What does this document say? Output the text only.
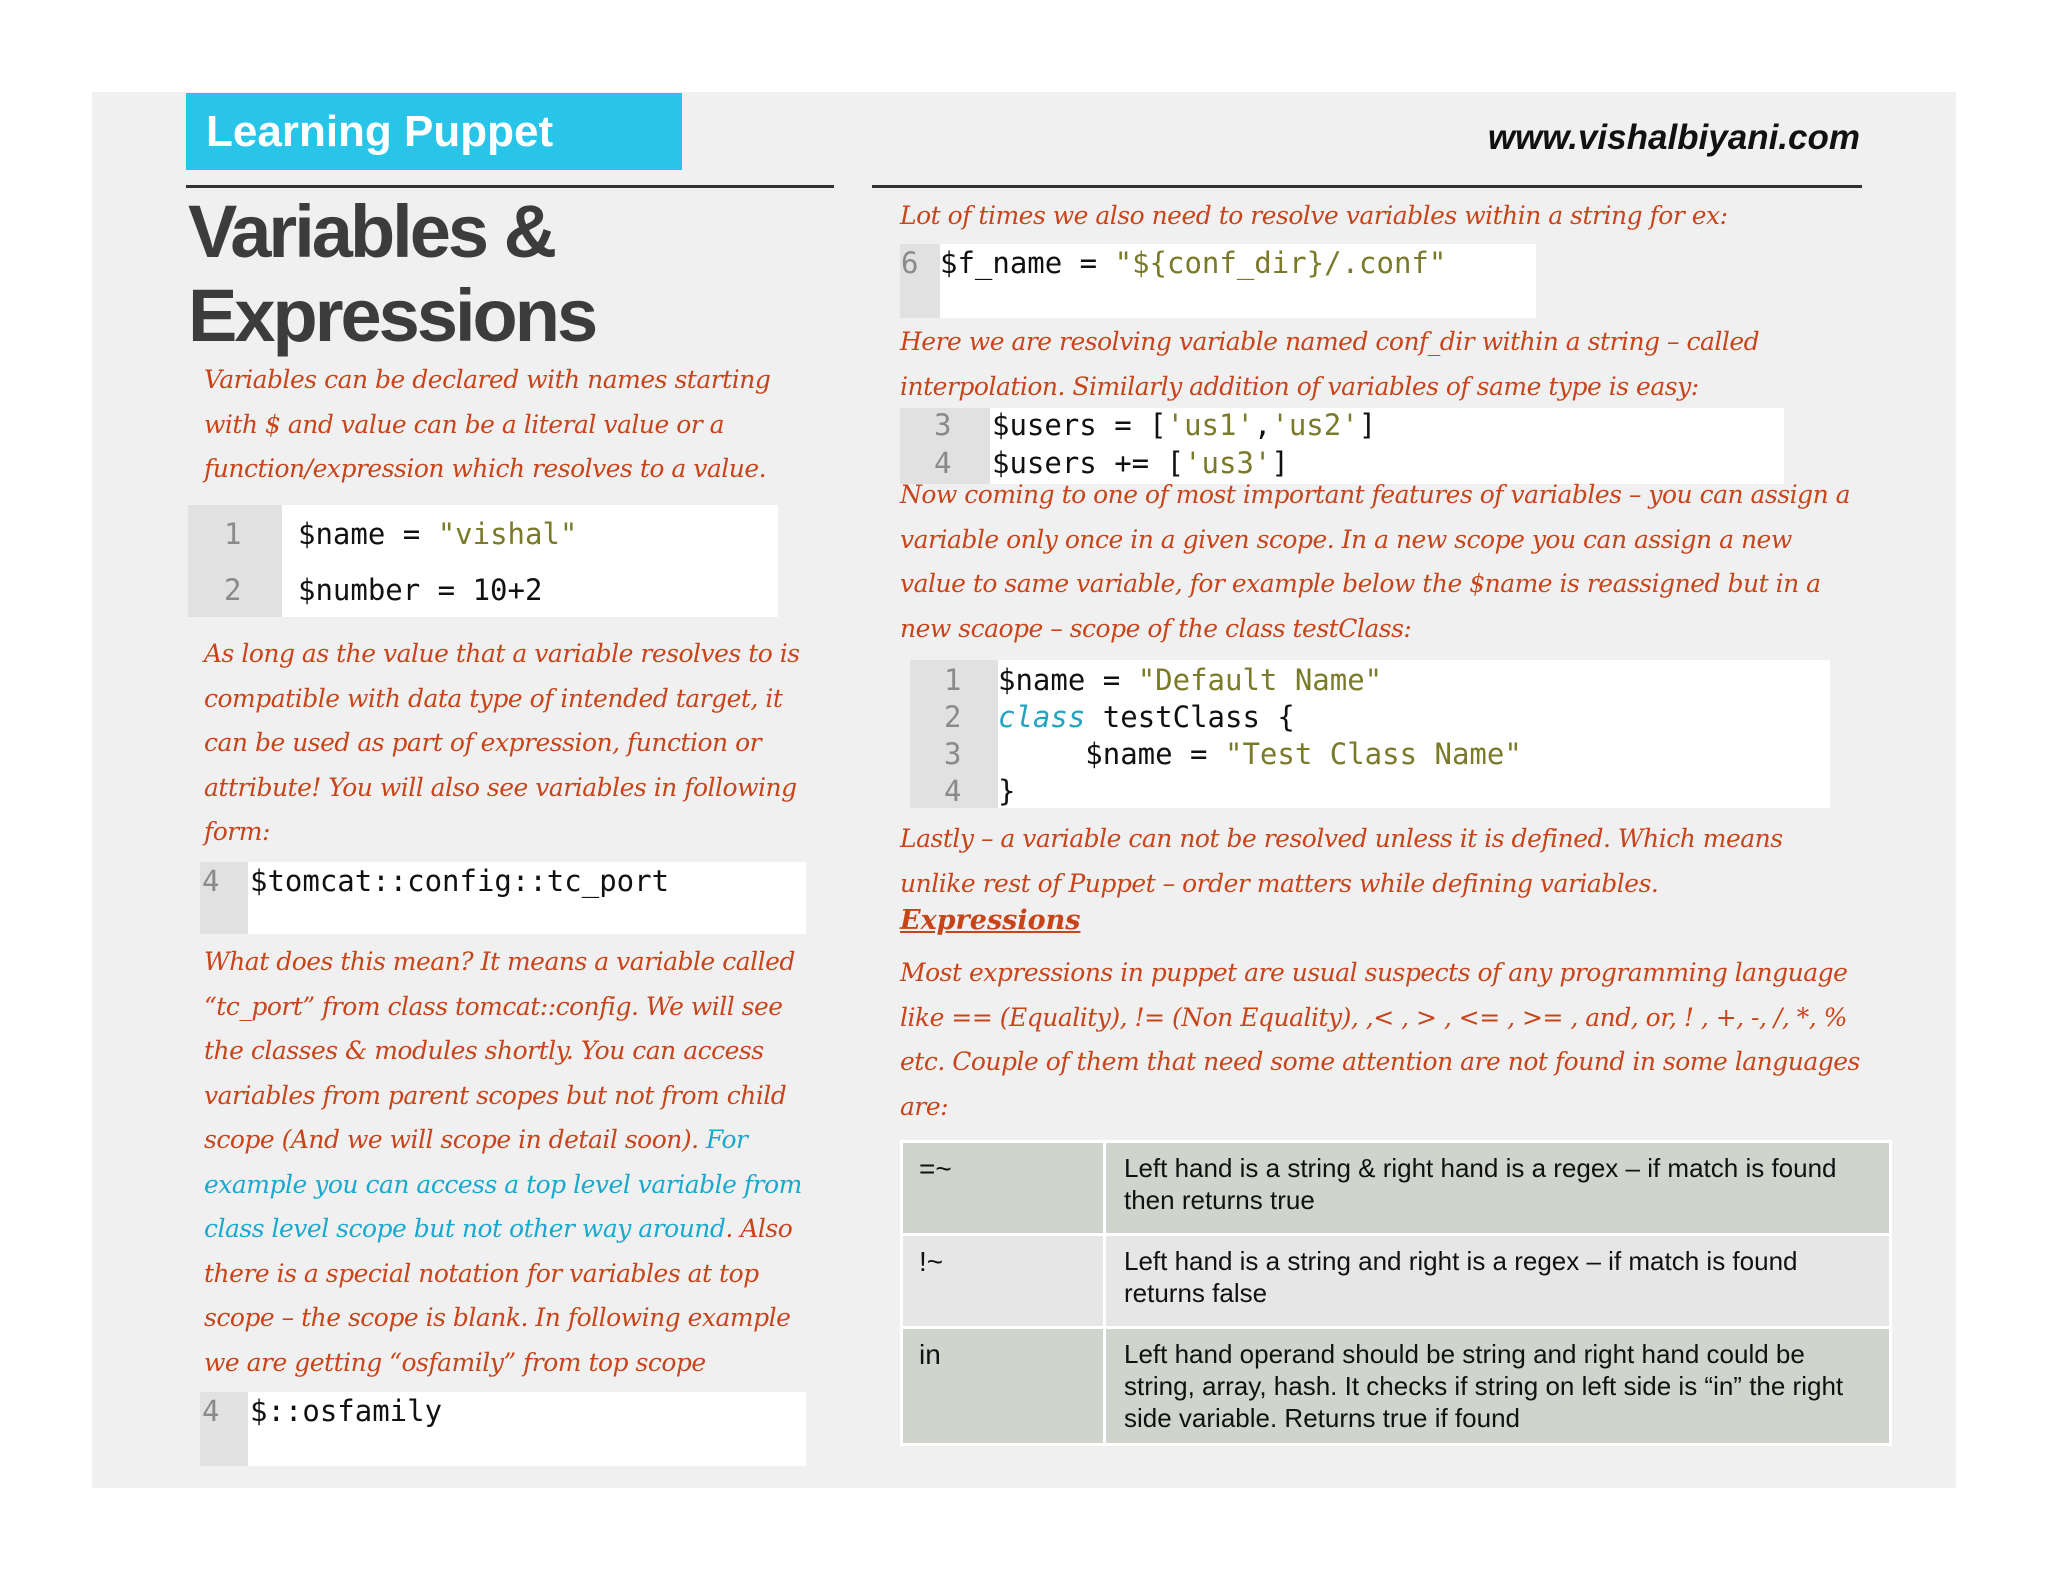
Learning Puppet	www.vishalbiyani.com
Variables &
Expressions

Variables can be declared with names starting with $ and value can be a literal value or a function/expression which resolves to a value.

1 $name = "vishal"
2 $number = 10+2

As long as the value that a variable resolves to is compatible with data type of intended target, it can be used as part of expression, function or attribute! You will also see variables in following form:

4 $tomcat::config::tc_port

What does this mean? It means a variable called “tc_port” from class tomcat::config. We will see the classes & modules shortly. You can access variables from parent scopes but not from child scope (And we will scope in detail soon). For example you can access a top level variable from class level scope but not other way around. Also there is a special notation for variables at top scope – the scope is blank. In following example we are getting “osfamily” from top scope

4 $::osfamily

Lot of times we also need to resolve variables within a string for ex:

6 $f_name = "${conf_dir}/.conf"

Here we are resolving variable named conf_dir within a string – called interpolation. Similarly addition of variables of same type is easy:

3 $users = ['us1','us2']
4 $users += ['us3']

Now coming to one of most important features of variables – you can assign a variable only once in a given scope. In a new scope you can assign a new value to same variable, for example below the $name is reassigned but in a new scaope – scope of the class testClass:

1 $name = "Default Name"
2 class testClass {
3 $name = "Test Class Name"
4 }

Lastly – a variable can not be resolved unless it is defined. Which means unlike rest of Puppet – order matters while defining variables.

Expressions

Most expressions in puppet are usual suspects of any programming language like == (Equality), != (Non Equality), ,< , > , <= , >= , and, or, ! , +, -, /, *, % etc. Couple of them that need some attention are not found in some languages are:

=~	Left hand is a string & right hand is a regex – if match is found then returns true
!~	Left hand is a string and right is a regex – if match is found returns false
in	Left hand operand should be string and right hand could be string, array, hash. It checks if string on left side is “in” the right side variable. Returns true if found
